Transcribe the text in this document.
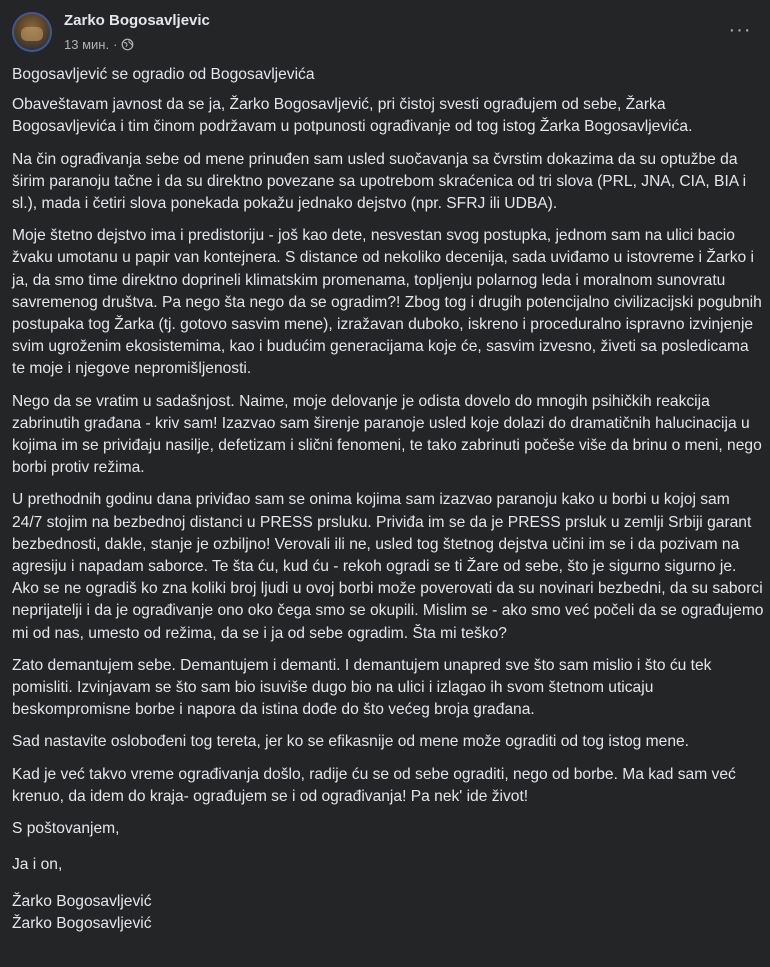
Zarko Bogosavljevic
13 мин. ·
···

Bogosavljević se ogradio od Bogosavljevića

Obaveštavam javnost da se ja, Žarko Bogosavljević, pri čistoj svesti ograđujem od sebe, Žarka Bogosavljevića i tim činom podržavam u potpunosti ograđivanje od tog istog Žarka Bogosavljevića.

Na čin ograđivanja sebe od mene prinuđen sam usled suočavanja sa čvrstim dokazima da su optužbe da širim paranoju tačne i da su direktno povezane sa upotrebom skraćenica od tri slova (PRL, JNA, CIA, BIA i sl.), mada i četiri slova ponekada pokažu jednako dejstvo (npr. SFRJ ili UDBA).

Moje štetno dejstvo ima i predistoriju - još kao dete, nesvestan svog postupka, jednom sam na ulici bacio žvaku umotanu u papir van kontejnera. S distance od nekoliko decenija, sada uviđamo u istovreme i Žarko i ja, da smo time direktno doprineli klimatskim promenama, topljenju polarnog leda i moralnom sunovratu savremenog društva. Pa nego šta nego da se ogradim?! Zbog tog i drugih potencijalno civilizacijski pogubnih postupaka tog Žarka (tj. gotovo sasvim mene), izražavan duboko, iskreno i proceduralno ispravno izvinjenje svim ugroženim ekosistemima, kao i budućim generacijama koje će, sasvim izvesno, živeti sa posledicama te moje i njegove nepromišljenosti.

Nego da se vratim u sadašnjost. Naime, moje delovanje je odista dovelo do mnogih psihičkih reakcija zabrinutih građana - kriv sam! Izazvao sam širenje paranoje usled koje dolazi do dramatičnih halucinacija u kojima im se priviđaju nasilje, defetizam i slični fenomeni, te tako zabrinuti počeše više da brinu o meni, nego borbi protiv režima.

U prethodnih godinu dana priviđao sam se onima kojima sam izazvao paranoju kako u borbi u kojoj sam 24/7 stojim na bezbednoj distanci u PRESS prsluku. Priviđa im se da je PRESS prsluk u zemlji Srbiji garant bezbednosti, dakle, stanje je ozbiljno! Verovali ili ne, usled tog štetnog dejstva učini im se i da pozivam na agresiju i napadam saborce. Te šta ću, kud ću - rekoh ogradi se ti Žare od sebe, što je sigurno sigurno je. Ako se ne ogradiš ko zna koliki broj ljudi u ovoj borbi može poverovati da su novinari bezbedni, da su saborci neprijatelji i da je ograđivanje ono oko čega smo se okupili. Mislim se - ako smo već počeli da se ograđujemo mi od nas, umesto od režima, da se i ja od sebe ogradim. Šta mi teško?

Zato demantujem sebe. Demantujem i demanti. I demantujem unapred sve što sam mislio i što ću tek pomisliti. Izvinjavam se što sam bio isuviše dugo bio na ulici i izlagao ih svom štetnom uticaju beskompromisne borbe i napora da istina dođe do što većeg broja građana.

Sad nastavite oslobođeni tog tereta, jer ko se efikasnije od mene može ograditi od tog istog mene.

Kad je već takvo vreme ograđivanja došlo, radije ću se od sebe ograditi, nego od borbe. Ma kad sam već krenuo, da idem do kraja- ograđujem se i od ograđivanja! Pa nek' ide život!

S poštovanjem,

Ja i on,

Žarko Bogosavljević

Žarko Bogosavljević
